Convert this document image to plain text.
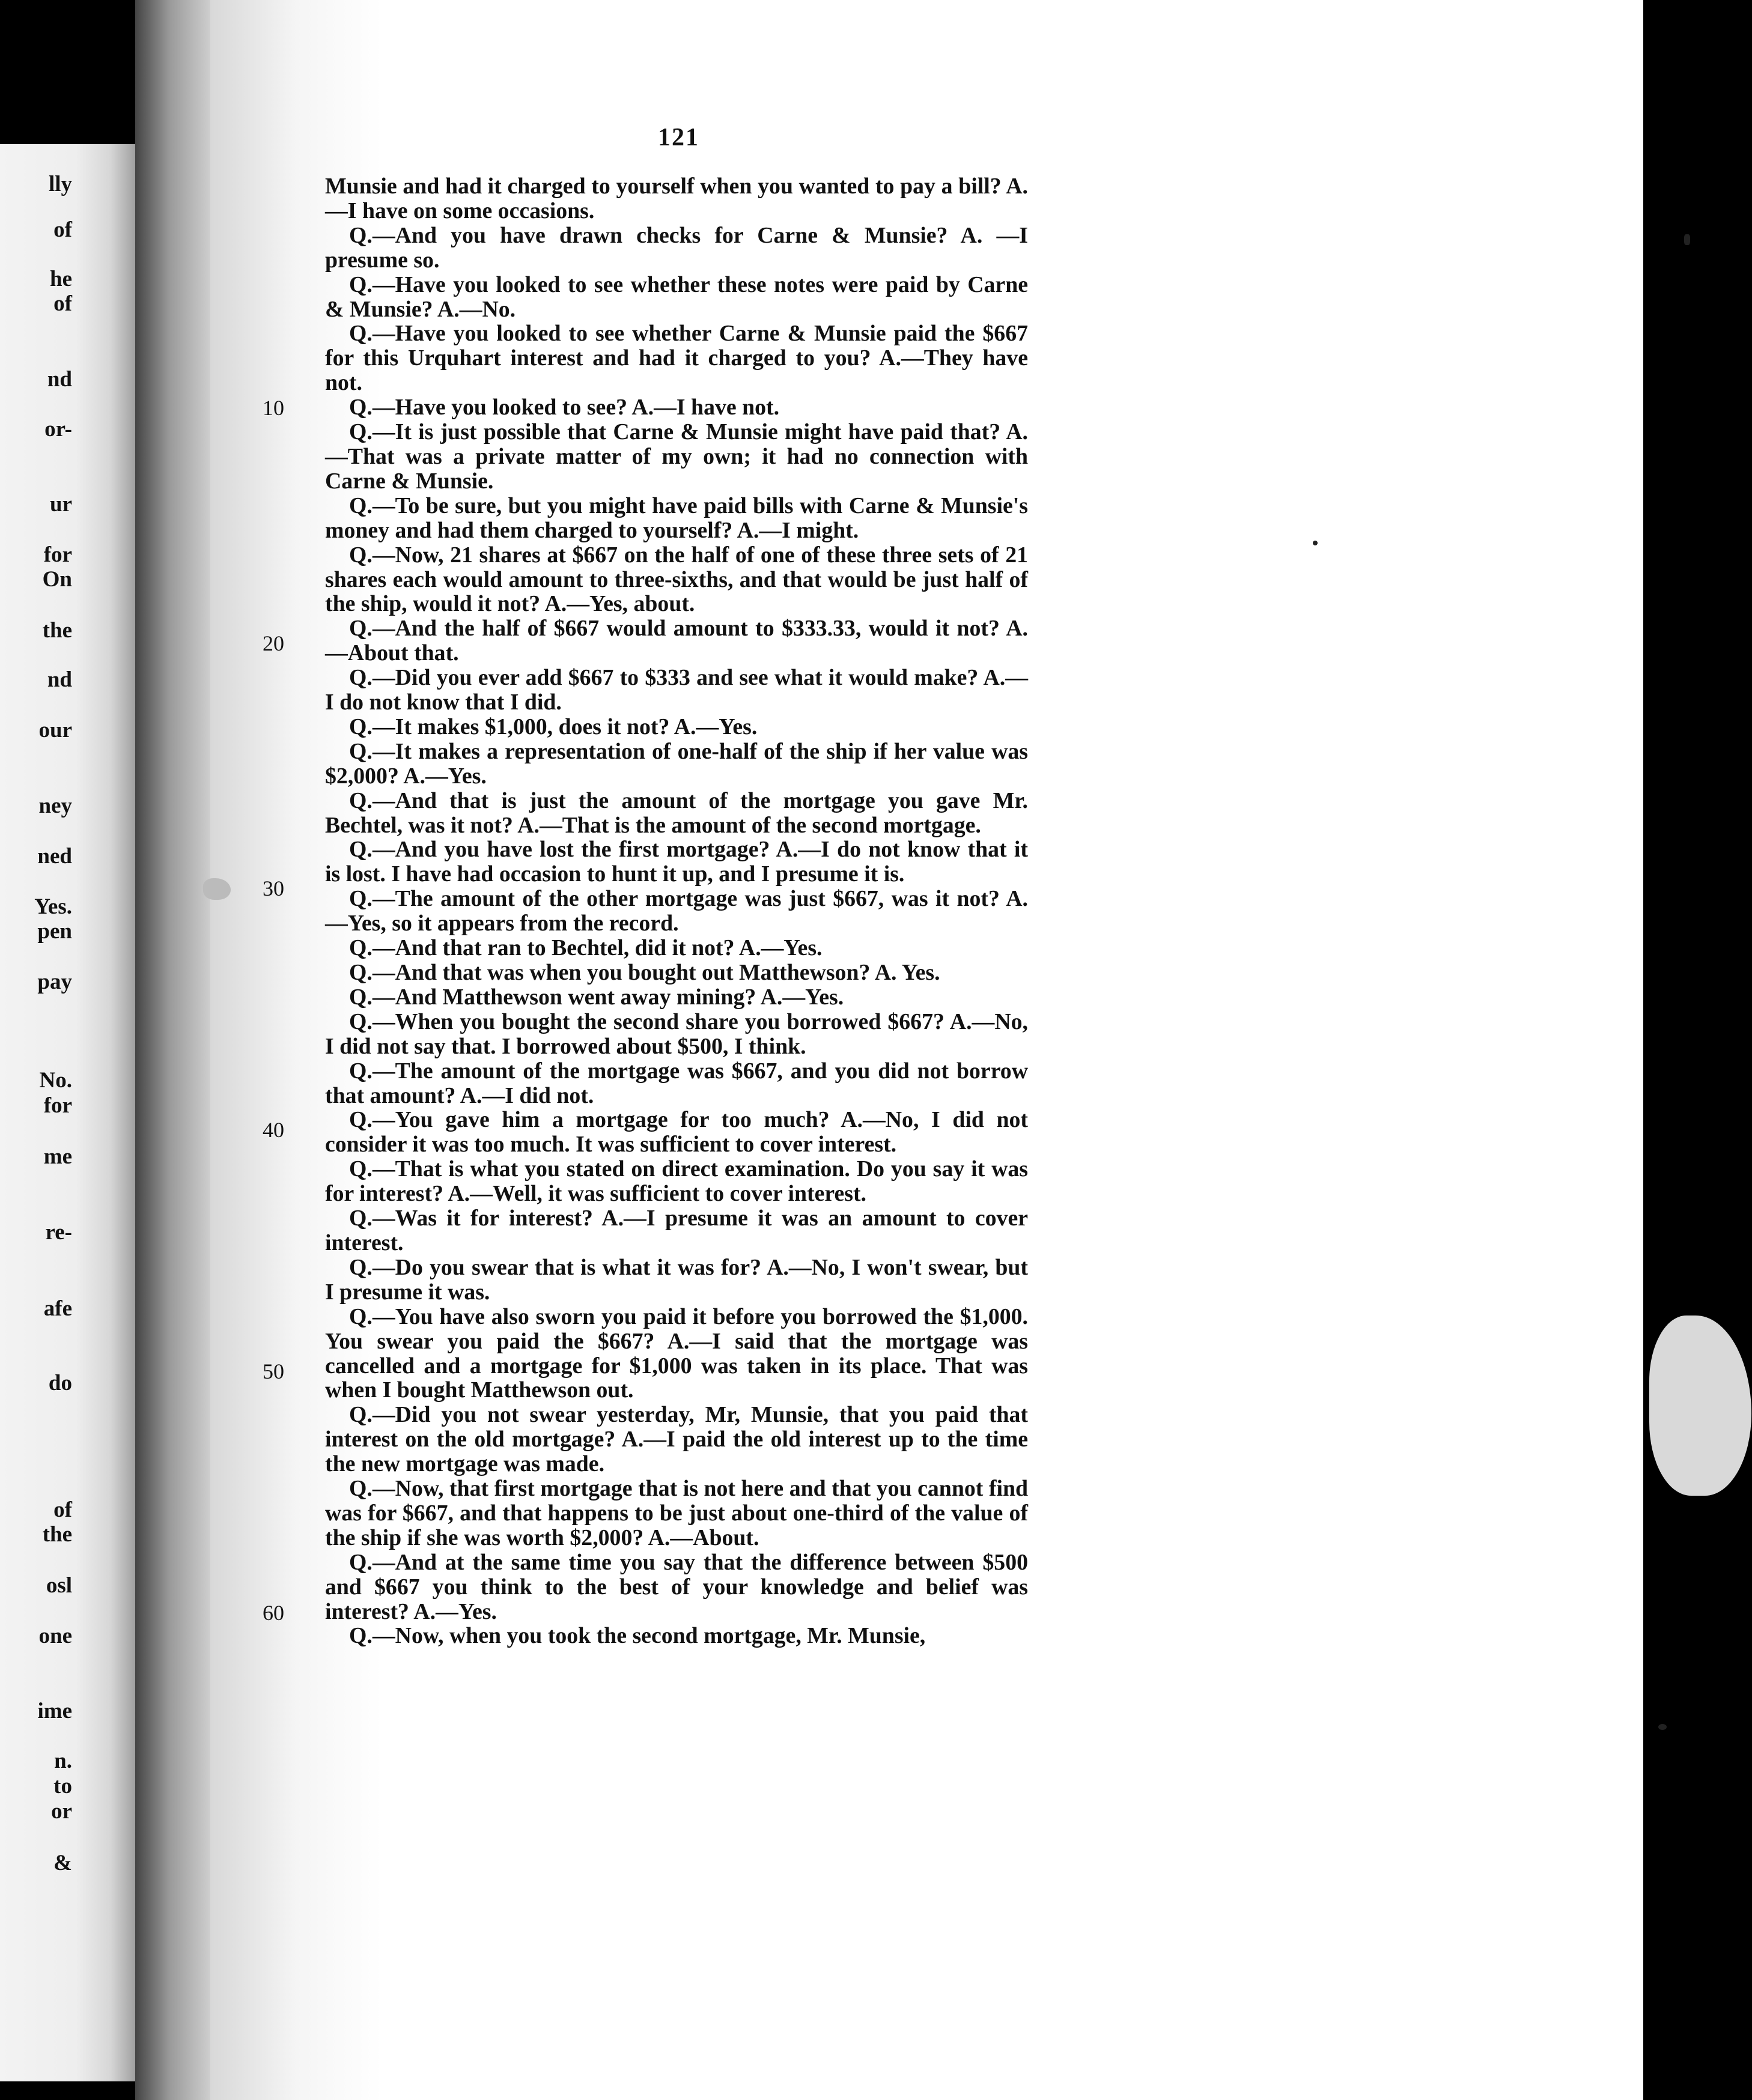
lly
of
he
of
nd
or-
ur
for
On
the
nd
our
ney
ned
Yes.
pen
pay
No.
for
me
re-
afe
do
of
the
osl
one
ime
n.
to
or
&
121
10
20
30
40
50
60

Munsie and had it charged to yourself when you wanted to pay a bill? A.—I have on some occasions.

Q.—And you have drawn checks for Carne & Munsie? A. —I presume so.

Q.—Have you looked to see whether these notes were paid by Carne & Munsie? A.—No.

Q.—Have you looked to see whether Carne & Munsie paid the $667 for this Urquhart interest and had it charged to you? A.—They have not.

Q.—Have you looked to see? A.—I have not.

Q.—It is just possible that Carne & Munsie might have paid that? A.—That was a private matter of my own; it had no connection with Carne & Munsie.

Q.—To be sure, but you might have paid bills with Carne & Munsie's money and had them charged to yourself? A.—I might.

Q.—Now, 21 shares at $667 on the half of one of these three sets of 21 shares each would amount to three-sixths, and that would be just half of the ship, would it not? A.—Yes, about.

Q.—And the half of $667 would amount to $333.33, would it not? A.—About that.

Q.—Did you ever add $667 to $333 and see what it would make? A.—I do not know that I did.

Q.—It makes $1,000, does it not? A.—Yes.

Q.—It makes a representation of one-half of the ship if her value was $2,000? A.—Yes.

Q.—And that is just the amount of the mortgage you gave Mr. Bechtel, was it not? A.—That is the amount of the second mortgage.

Q.—And you have lost the first mortgage? A.—I do not know that it is lost. I have had occasion to hunt it up, and I presume it is.

Q.—The amount of the other mortgage was just $667, was it not? A.—Yes, so it appears from the record.

Q.—And that ran to Bechtel, did it not? A.—Yes.

Q.—And that was when you bought out Matthewson? A. Yes.

Q.—And Matthewson went away mining? A.—Yes.

Q.—When you bought the second share you borrowed $667? A.—No, I did not say that. I borrowed about $500, I think.

Q.—The amount of the mortgage was $667, and you did not borrow that amount? A.—I did not.

Q.—You gave him a mortgage for too much? A.—No, I did not consider it was too much. It was sufficient to cover interest.

Q.—That is what you stated on direct examination. Do you say it was for interest? A.—Well, it was sufficient to cover interest.

Q.—Was it for interest? A.—I presume it was an amount to cover interest.

Q.—Do you swear that is what it was for? A.—No, I won't swear, but I presume it was.

Q.—You have also sworn you paid it before you borrowed the $1,000. You swear you paid the $667? A.—I said that the mortgage was cancelled and a mortgage for $1,000 was taken in its place. That was when I bought Matthewson out.

Q.—Did you not swear yesterday, Mr, Munsie, that you paid that interest on the old mortgage? A.—I paid the old interest up to the time the new mortgage was made.

Q.—Now, that first mortgage that is not here and that you cannot find was for $667, and that happens to be just about one-third of the value of the ship if she was worth $2,000? A.—About.

Q.—And at the same time you say that the difference between $500 and $667 you think to the best of your knowledge and belief was interest? A.—Yes.

Q.—Now, when you took the second mortgage, Mr. Munsie,
